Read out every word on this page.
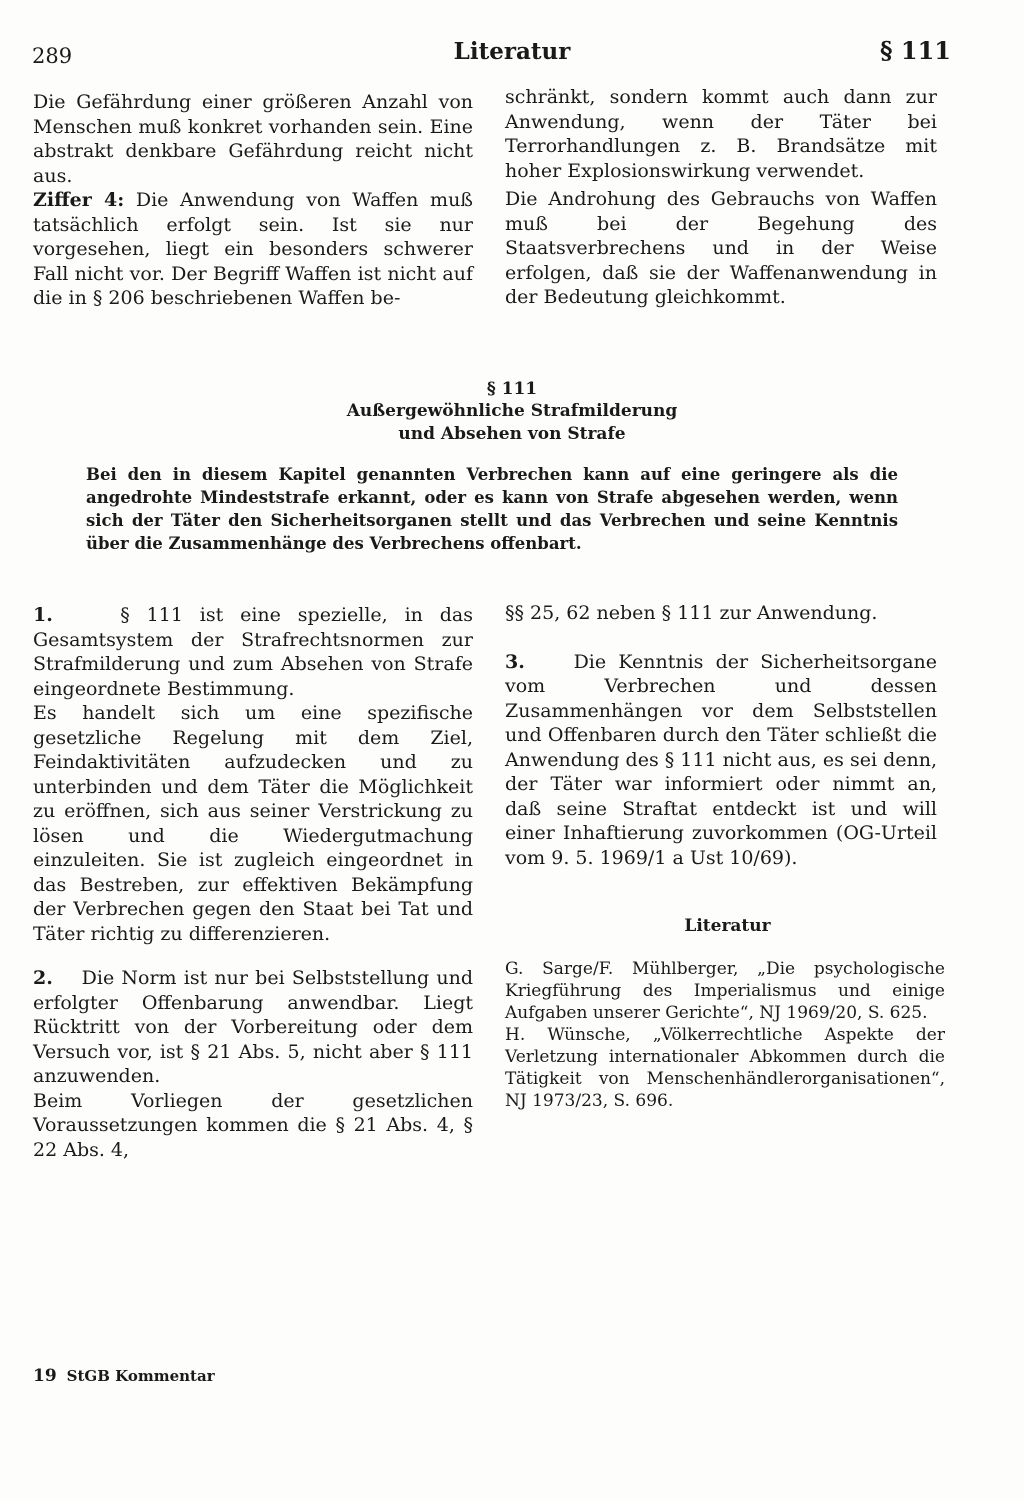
289	Literatur	§ 111

Die Gefährdung einer größeren Anzahl von Menschen muß konkret vorhanden sein. Eine abstrakt denkbare Gefährdung reicht nicht aus.

Ziffer 4: Die Anwendung von Waffen muß tatsächlich erfolgt sein. Ist sie nur vorgesehen, liegt ein besonders schwerer Fall nicht vor. Der Begriff Waffen ist nicht auf die in § 206 beschriebenen Waffen be-

schränkt, sondern kommt auch dann zur Anwendung, wenn der Täter bei Terrorhandlungen z. B. Brandsätze mit hoher Explosionswirkung verwendet.

Die Androhung des Gebrauchs von Waffen muß bei der Begehung des Staatsverbrechens und in der Weise erfolgen, daß sie der Waffenanwendung in der Bedeutung gleichkommt.

§ 111
Außergewöhnliche Strafmilderung
und Absehen von Strafe
Bei den in diesem Kapitel genannten Verbrechen kann auf eine geringere als die angedrohte Mindeststrafe erkannt, oder es kann von Strafe abgesehen werden, wenn sich der Täter den Sicherheitsorganen stellt und das Verbrechen und seine Kenntnis über die Zusammenhänge des Verbrechens offenbart.

1.	§ 111 ist eine spezielle, in das Gesamtsystem der Strafrechtsnormen zur Strafmilderung und zum Absehen von Strafe eingeordnete Bestimmung.

Es handelt sich um eine spezifische gesetzliche Regelung mit dem Ziel, Feindaktivitäten aufzudecken und zu unterbinden und dem Täter die Möglichkeit zu eröffnen, sich aus seiner Verstrickung zu lösen und die Wiedergutmachung einzuleiten. Sie ist zugleich eingeordnet in das Bestreben, zur effektiven Bekämpfung der Verbrechen gegen den Staat bei Tat und Täter richtig zu differenzieren.

2. Die Norm ist nur bei Selbststellung und erfolgter Offenbarung anwendbar. Liegt Rücktritt von der Vorbereitung oder dem Versuch vor, ist § 21 Abs. 5, nicht aber § 111 anzuwenden.

Beim Vorliegen der gesetzlichen Voraussetzungen kommen die § 21 Abs. 4, § 22 Abs. 4,

§§ 25, 62 neben § 111 zur Anwendung.

3.	Die Kenntnis der Sicherheitsorgane vom Verbrechen und dessen Zusammenhängen vor dem Selbststellen und Offenbaren durch den Täter schließt die Anwendung des § 111 nicht aus, es sei denn, der Täter war informiert oder nimmt an, daß seine Straftat entdeckt ist und will einer Inhaftierung zuvorkommen (OG-Urteil vom 9. 5. 1969/1 a Ust 10/69).

Literatur
G. Sarge/F. Mühlberger, „Die psychologische Kriegführung des Imperialismus und einige Aufgaben unserer Gerichte“, NJ 1969/20, S. 625.
H. Wünsche, „Völkerrechtliche Aspekte der Verletzung internationaler Abkommen durch die Tätigkeit von Menschenhändlerorganisationen“, NJ 1973/23, S. 696.
19 StGB Kommentar
